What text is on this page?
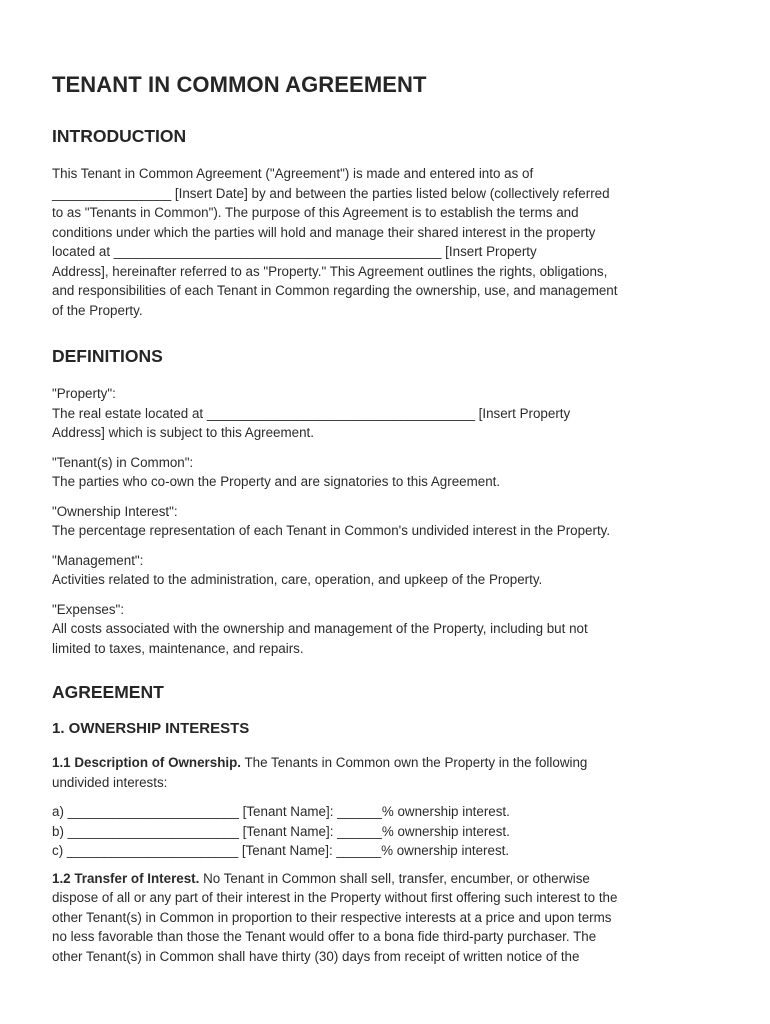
TENANT IN COMMON AGREEMENT
INTRODUCTION

This Tenant in Common Agreement ("Agreement") is made and entered into as of
________________ [Insert Date] by and between the parties listed below (collectively referred
to as "Tenants in Common"). The purpose of this Agreement is to establish the terms and
conditions under which the parties will hold and manage their shared interest in the property
located at ____________________________________________ [Insert Property
Address], hereinafter referred to as "Property." This Agreement outlines the rights, obligations,
and responsibilities of each Tenant in Common regarding the ownership, use, and management
of the Property.

DEFINITIONS

"Property":
The real estate located at ____________________________________ [Insert Property
Address] which is subject to this Agreement.

"Tenant(s) in Common":
The parties who co-own the Property and are signatories to this Agreement.

"Ownership Interest":
The percentage representation of each Tenant in Common's undivided interest in the Property.

"Management":
Activities related to the administration, care, operation, and upkeep of the Property.

"Expenses":
All costs associated with the ownership and management of the Property, including but not
limited to taxes, maintenance, and repairs.

AGREEMENT
1. OWNERSHIP INTERESTS

1.1 Description of Ownership. The Tenants in Common own the Property in the following
undivided interests:

a) _______________________ [Tenant Name]: ______% ownership interest.
b) _______________________ [Tenant Name]: ______% ownership interest.
c) _______________________ [Tenant Name]: ______% ownership interest.

1.2 Transfer of Interest. No Tenant in Common shall sell, transfer, encumber, or otherwise
dispose of all or any part of their interest in the Property without first offering such interest to the
other Tenant(s) in Common in proportion to their respective interests at a price and upon terms
no less favorable than those the Tenant would offer to a bona fide third-party purchaser. The
other Tenant(s) in Common shall have thirty (30) days from receipt of written notice of the
